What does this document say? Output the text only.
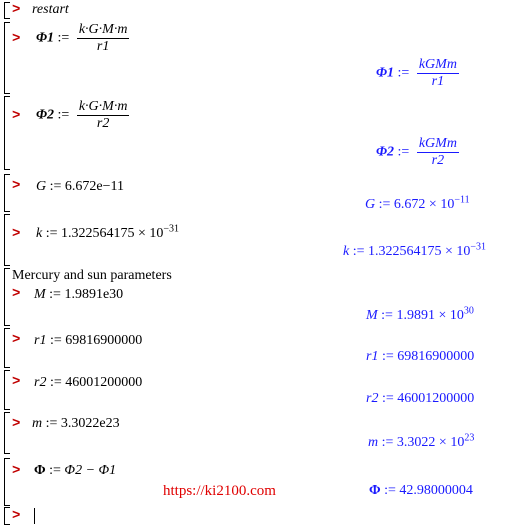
> restart
> Φ1 := $\frac{k\cdot G\cdot M\cdot m}{r1}$
Φ1 := $\frac{\text{kGMm}}{r1}$
> Φ2 := $\frac{k\cdot G\cdot M\cdot m}{r2}$
Φ2 := $\frac{\text{kGMm}}{r2}$
> G := 6.672e−11
G := $6.672 \times 10^{-11}$
> k := $1.322564175 \times 10^{-31}$
k := $1.322564175 \times 10^{-31}$
Mercury and sun parameters
> M := 1.9891e30
M := $1.9891 \times 10^{30}$
> r1 := 69816900000
r1 := 69816900000
> r2 := 46001200000
r2 := 46001200000
> m := 3.3022e23
m := $3.3022 \times 10^{23}$
> Φ := Φ2 − Φ1
https://ki2100.com	Φ := 42.98000004
>
